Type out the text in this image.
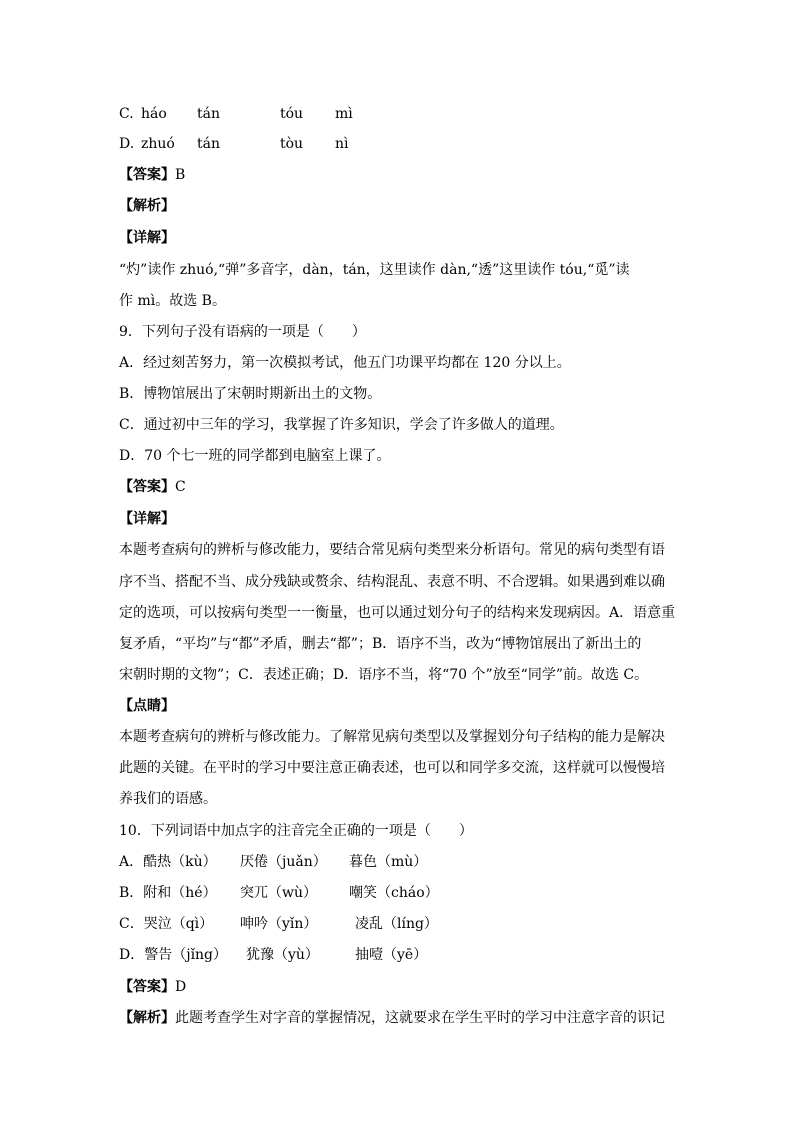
C. háo tán	tóu mì
D. zhuó tán	tòu nì
【答案】B
【解析】
【详解】
“灼”读作 zhuó,“弹”多音字，dàn，tán，这里读作 dàn,“透”这里读作 tóu,“觅”读
作 mì。故选 B。
9．下列句子没有语病的一项是（　　）
A．经过刻苦努力，第一次模拟考试，他五门功课平均都在 120 分以上。
B．博物馆展出了宋朝时期新出土的文物。
C．通过初中三年的学习，我掌握了许多知识，学会了许多做人的道理。
D．70 个七一班的同学都到电脑室上课了。
【答案】C
【详解】
本题考查病句的辨析与修改能力，要结合常见病句类型来分析语句。常见的病句类型有语
序不当、搭配不当、成分残缺或赘余、结构混乱、表意不明、不合逻辑。如果遇到难以确
定的选项，可以按病句类型一一衡量，也可以通过划分句子的结构来发现病因。A．语意重
复矛盾，“平均”与“都”矛盾，删去“都”；B．语序不当，改为“博物馆展出了新出土的
宋朝时期的文物”；C．表述正确；D．语序不当，将“70 个”放至“同学”前。故选 C。
【点睛】
本题考查病句的辨析与修改能力。了解常见病句类型以及掌握划分句子结构的能力是解决
此题的关键。在平时的学习中要注意正确表述，也可以和同学多交流，这样就可以慢慢培
养我们的语感。
10．下列词语中加点字的注音完全正确的一项是（　　）
A．酷热（kù） 厌倦（juǎn） 暮色（mù）
B．附和（hé） 突兀（wù） 嘲笑（cháo）
C．哭泣（qì） 呻吟（yǐn）	凌乱（líng）
D．警告（jǐng） 犹豫（yù）	抽噎（yē）
【答案】D
【解析】此题考查学生对字音的掌握情况，这就要求在学生平时的学习中注意字音的识记
